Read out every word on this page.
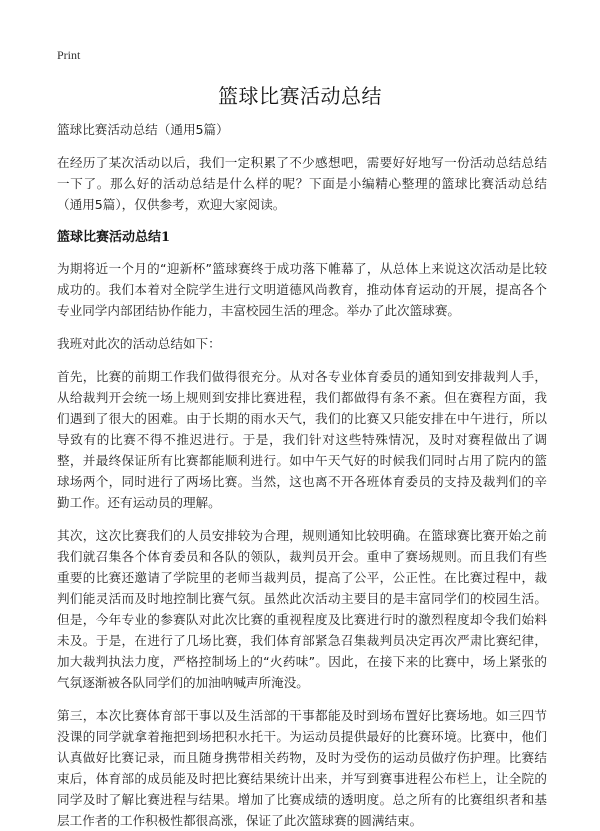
Print
篮球比赛活动总结

篮球比赛活动总结（通用5篇）

在经历了某次活动以后，我们一定积累了不少感想吧，需要好好地写一份活动总结总结一下了。那么好的活动总结是什么样的呢？下面是小编精心整理的篮球比赛活动总结（通用5篇），仅供参考，欢迎大家阅读。

篮球比赛活动总结1

为期将近一个月的“迎新杯”篮球赛终于成功落下帷幕了，从总体上来说这次活动是比较成功的。我们本着对全院学生进行文明道德风尚教育，推动体育运动的开展，提高各个专业同学内部团结协作能力，丰富校园生活的理念。举办了此次篮球赛。

我班对此次的活动总结如下：

首先，比赛的前期工作我们做得很充分。从对各专业体育委员的通知到安排裁判人手，从给裁判开会统一场上规则到安排比赛进程，我们都做得有条不紊。但在赛程方面，我们遇到了很大的困难。由于长期的雨水天气，我们的比赛又只能安排在中午进行，所以导致有的比赛不得不推迟进行。于是，我们针对这些特殊情况，及时对赛程做出了调整，并最终保证所有比赛都能顺利进行。如中午天气好的时候我们同时占用了院内的篮球场两个，同时进行了两场比赛。当然，这也离不开各班体育委员的支持及裁判们的辛勤工作。还有运动员的理解。

其次，这次比赛我们的人员安排较为合理，规则通知比较明确。在篮球赛比赛开始之前我们就召集各个体育委员和各队的领队，裁判员开会。重申了赛场规则。而且我们有些重要的比赛还邀请了学院里的老师当裁判员，提高了公平，公正性。在比赛过程中，裁判们能灵活而及时地控制比赛气氛。虽然此次活动主要目的是丰富同学们的校园生活。但是，今年专业的参赛队对此次比赛的重视程度及比赛进行时的激烈程度却令我们始料未及。于是，在进行了几场比赛，我们体育部紧急召集裁判员决定再次严肃比赛纪律，加大裁判执法力度，严格控制场上的“火药味”。因此，在接下来的比赛中，场上紧张的气氛逐渐被各队同学们的加油呐喊声所淹没。

第三，本次比赛体育部干事以及生活部的干事都能及时到场布置好比赛场地。如三四节没课的同学就拿着拖把到场把积水托干。为运动员提供最好的比赛环境。比赛中，他们认真做好比赛记录，而且随身携带相关药物，及时为受伤的运动员做疗伤护理。比赛结束后，体育部的成员能及时把比赛结果统计出来，并写到赛事进程公布栏上，让全院的同学及时了解比赛进程与结果。增加了比赛成绩的透明度。总之所有的比赛组织者和基层工作者的工作积极性都很高涨，保证了此次篮球赛的圆满结束。
